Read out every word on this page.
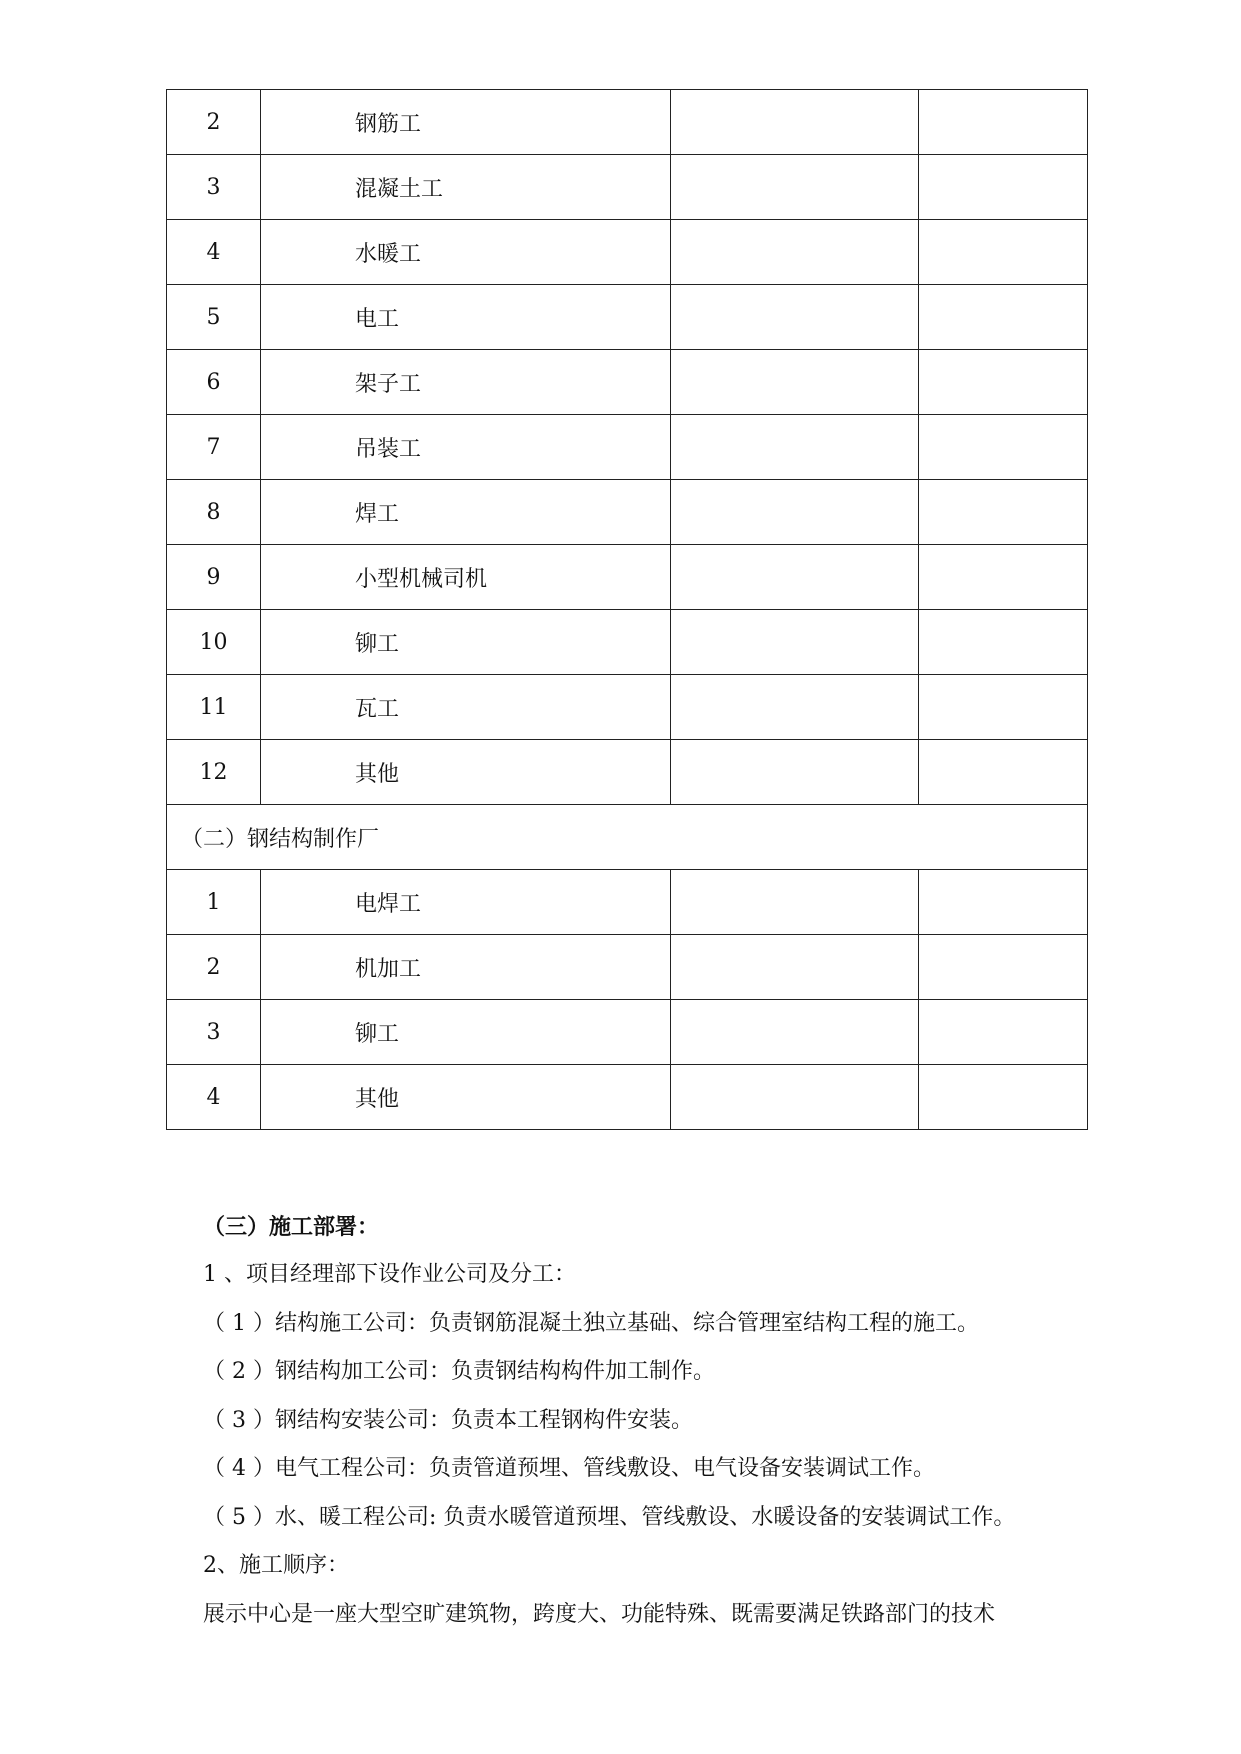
2	钢筋工		
3	混凝土工		
4	水暖工		
5	电工		
6	架子工		
7	吊装工		
8	焊工		
9	小型机械司机		
10	铆工		
11	瓦工		
12	其他		
（二）钢结构制作厂			
1	电焊工		
2	机加工		
3	铆工		
4	其他		
（三）施工部署：
1 、项目经理部下设作业公司及分工：
（ 1 ）结构施工公司：负责钢筋混凝土独立基础、综合管理室结构工程的施工。
（ 2 ）钢结构加工公司：负责钢结构构件加工制作。
（ 3 ）钢结构安装公司：负责本工程钢构件安装。
（ 4 ）电气工程公司：负责管道预埋、管线敷设、电气设备安装调试工作。
（ 5 ）水、暖工程公司: 负责水暖管道预埋、管线敷设、水暖设备的安装调试工作。
2、施工顺序：
展示中心是一座大型空旷建筑物，跨度大、功能特殊、既需要满足铁路部门的技术
